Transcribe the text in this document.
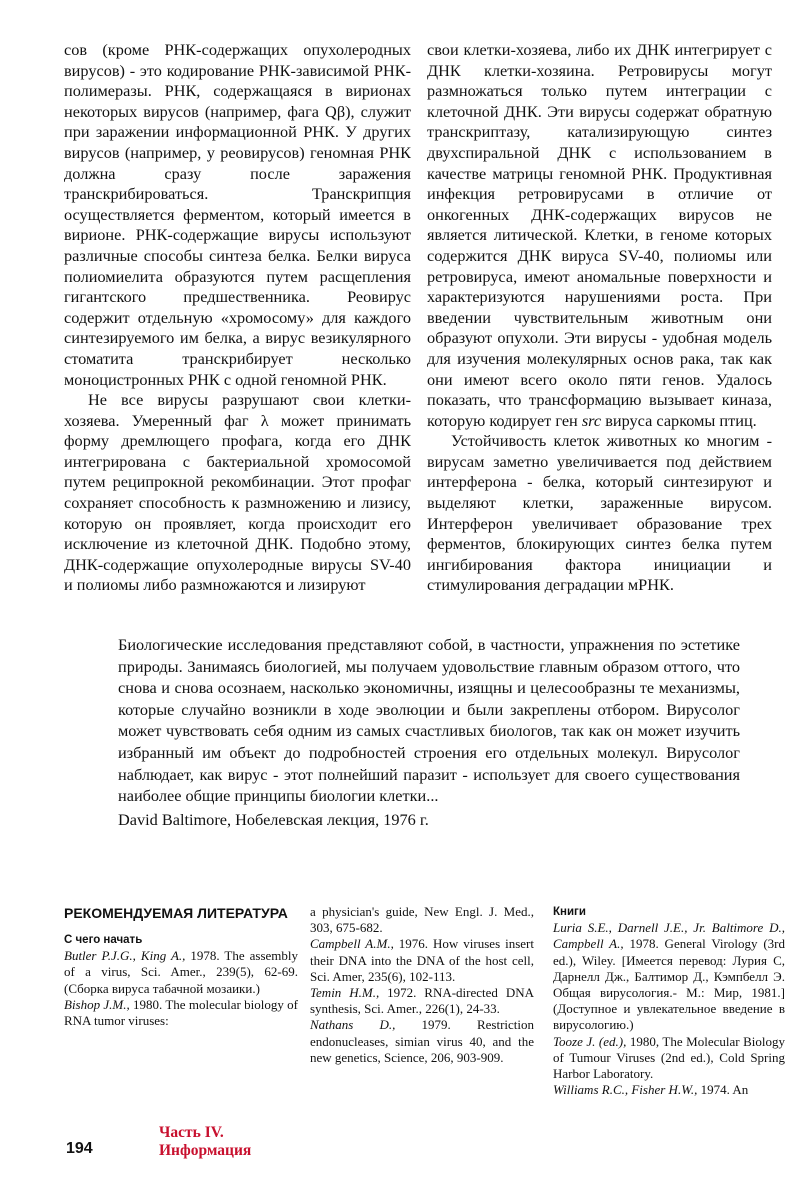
сов (кроме РНК-содержащих опухолеродных вирусов) - это кодирование РНК-зависимой РНК-полимеразы. РНК, содержащаяся в вирионах некоторых вирусов (например, фага Qβ), служит при заражении информационной РНК. У других вирусов (например, у реовирусов) геномная РНК должна сразу после заражения транскрибироваться. Транскрипция осуществляется ферментом, который имеется в вирионе. РНК-содержащие вирусы используют различные способы синтеза белка. Белки вируса полиомиелита образуются путем расщепления гигантского предшественника. Реовирус содержит отдельную «хромосому» для каждого синтезируемого им белка, а вирус везикулярного стоматита транскрибирует несколько моноцистронных РНК с одной геномной РНК.

Не все вирусы разрушают свои клетки-хозяева. Умеренный фаг λ может принимать форму дремлющего профага, когда его ДНК интегрирована с бактериальной хромосомой путем реципрокной рекомбинации. Этот профаг сохраняет способность к размножению и лизису, которую он проявляет, когда происходит его исключение из клеточной ДНК. Подобно этому, ДНК-содержащие опухолеродные вирусы SV-40 и полиомы либо размножаются и лизируют

свои клетки-хозяева, либо их ДНК интегрирует с ДНК клетки-хозяина. Ретровирусы могут размножаться только путем интеграции с клеточной ДНК. Эти вирусы содержат обратную транскриптазу, катализирующую синтез двухспиральной ДНК с использованием в качестве матрицы геномной РНК. Продуктивная инфекция ретровирусами в отличие от онкогенных ДНК-содержащих вирусов не является литической. Клетки, в геноме которых содержится ДНК вируса SV-40, полиомы или ретровируса, имеют аномальные поверхности и характеризуются нарушениями роста. При введении чувствительным животным они образуют опухоли. Эти вирусы - удобная модель для изучения молекулярных основ рака, так как они имеют всего около пяти генов. Удалось показать, что трансформацию вызывает киназа, которую кодирует ген src вируса саркомы птиц.

Устойчивость клеток животных ко многим - вирусам заметно увеличивается под действием интерферона - белка, который синтезируют и выделяют клетки, зараженные вирусом. Интерферон увеличивает образование трех ферментов, блокирующих синтез белка путем ингибирования фактора инициации и стимулирования деградации мРНК.

Биологические исследования представляют собой, в частности, упражнения по эстетике природы. Занимаясь биологией, мы получаем удовольствие главным образом оттого, что снова и снова осознаем, насколько экономичны, изящны и целесообразны те механизмы, которые случайно возникли в ходе эволюции и были закреплены отбором. Вирусолог может чувствовать себя одним из самых счастливых биологов, так как он может изучить избранный им объект до подробностей строения его отдельных молекул. Вирусолог наблюдает, как вирус - этот полнейший паразит - использует для своего существования наиболее общие принципы биологии клетки...

David Baltimore, Нобелевская лекция, 1976 г.

РЕКОМЕНДУЕМАЯ ЛИТЕРАТУРА

С чего начать

Butler P.J.G., King A., 1978. The assembly of a virus, Sci. Amer., 239(5), 62-69. (Сборка вируса табачной мозаики.)

Bishop J.M., 1980. The molecular biology of RNA tumor viruses:

a physician's guide, New Engl. J. Med., 303, 675-682.

Campbell A.M., 1976. How viruses insert their DNA into the DNA of the host cell, Sci. Amer, 235(6), 102-113.

Temin H.M., 1972. RNA-directed DNA synthesis, Sci. Amer., 226(1), 24-33.

Nathans D., 1979. Restriction endonucleases, simian virus 40, and the new genetics, Science, 206, 903-909.

Книги

Luria S.E., Darnell J.E., Jr. Baltimore D., Campbell A., 1978. General Virology (3rd ed.), Wiley. [Имеется перевод: Лурия С, Дарнелл Дж., Балтимор Д., Кэмпбелл Э. Общая вирусология.- М.: Мир, 1981.] (Доступное и увлекательное введение в вирусологию.)

Tooze J. (ed.), 1980, The Molecular Biology of Tumour Viruses (2nd ed.), Cold Spring Harbor Laboratory.

Williams R.C., Fisher H.W., 1974. An

194
Часть IV.
Информация
